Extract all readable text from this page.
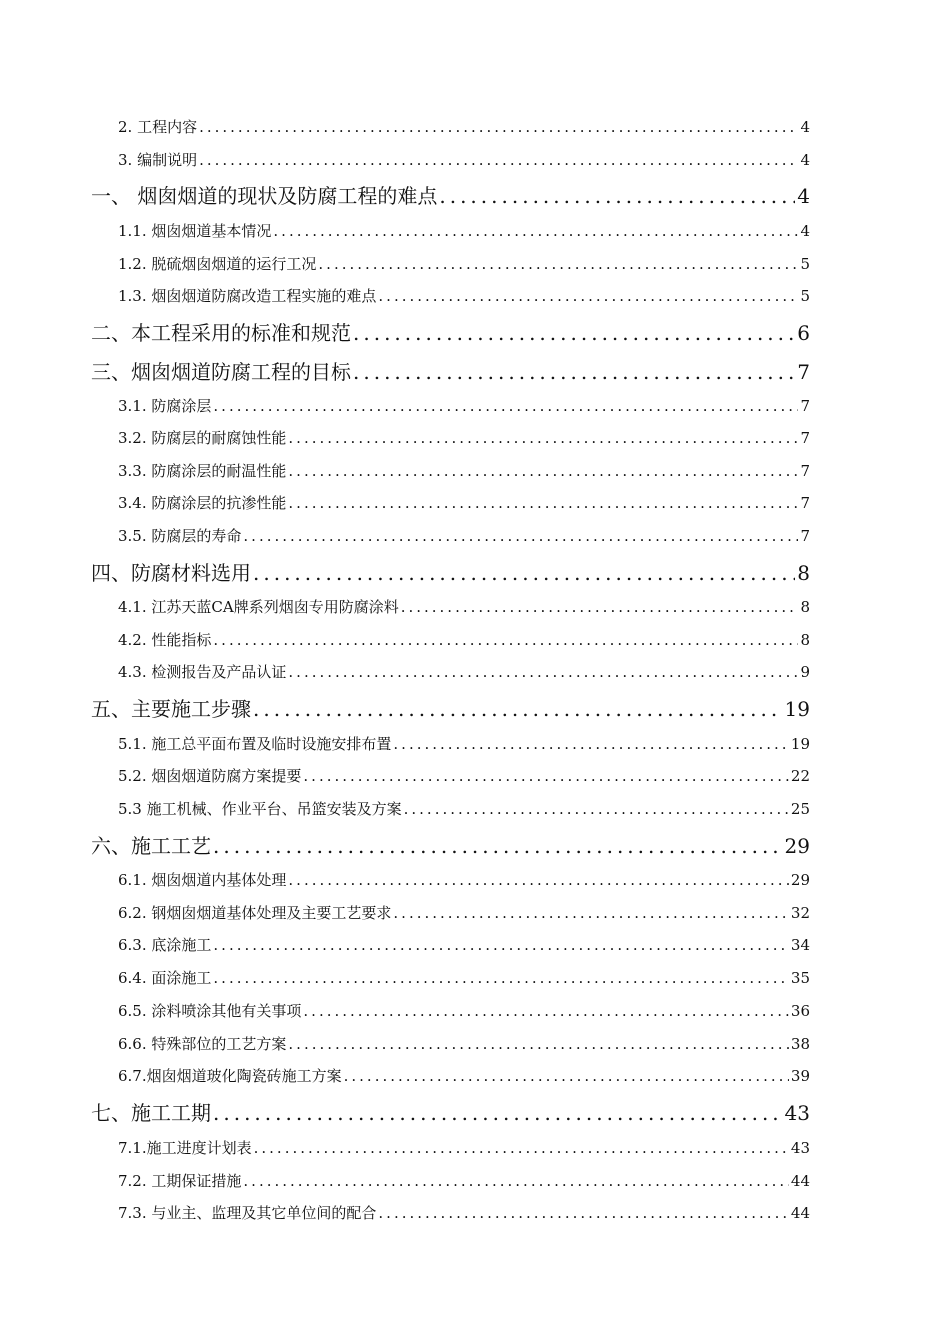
2. 工程内容 .....	4
3. 编制说明 .....	4
一、 烟囱烟道的现状及防腐工程的难点 .....	4
1.1. 烟囱烟道基本情况 .....	4
1.2. 脱硫烟囱烟道的运行工况 .....	5
1.3. 烟囱烟道防腐改造工程实施的难点 .....	5
二、本工程采用的标准和规范 .....	6
三、烟囱烟道防腐工程的目标 .....	7
3.1. 防腐涂层 .....	7
3.2. 防腐层的耐腐蚀性能 .....	7
3.3. 防腐涂层的耐温性能 .....	7
3.4. 防腐涂层的抗渗性能 .....	7
3.5. 防腐层的寿命 .....	7
四、防腐材料选用 .....	8
4.1. 江苏天蓝CA牌系列烟囱专用防腐涂料 .....	8
4.2. 性能指标 .....	8
4.3. 检测报告及产品认证 .....	9
五、主要施工步骤 .....	19
5.1. 施工总平面布置及临时设施安排布置 .....	19
5.2. 烟囱烟道防腐方案提要 .....	22
5.3 施工机械、作业平台、吊篮安装及方案 .....	25
六、施工工艺 .....	29
6.1. 烟囱烟道内基体处理 .....	29
6.2. 钢烟囱烟道基体处理及主要工艺要求 .....	32
6.3. 底涂施工 .....	34
6.4. 面涂施工 .....	35
6.5. 涂料喷涂其他有关事项 .....	36
6.6. 特殊部位的工艺方案 .....	38
6.7.烟囱烟道玻化陶瓷砖施工方案 .....	39
七、施工工期 .....	43
7.1.施工进度计划表 .....	43
7.2. 工期保证措施 .....	44
7.3. 与业主、监理及其它单位间的配合 .....	44
